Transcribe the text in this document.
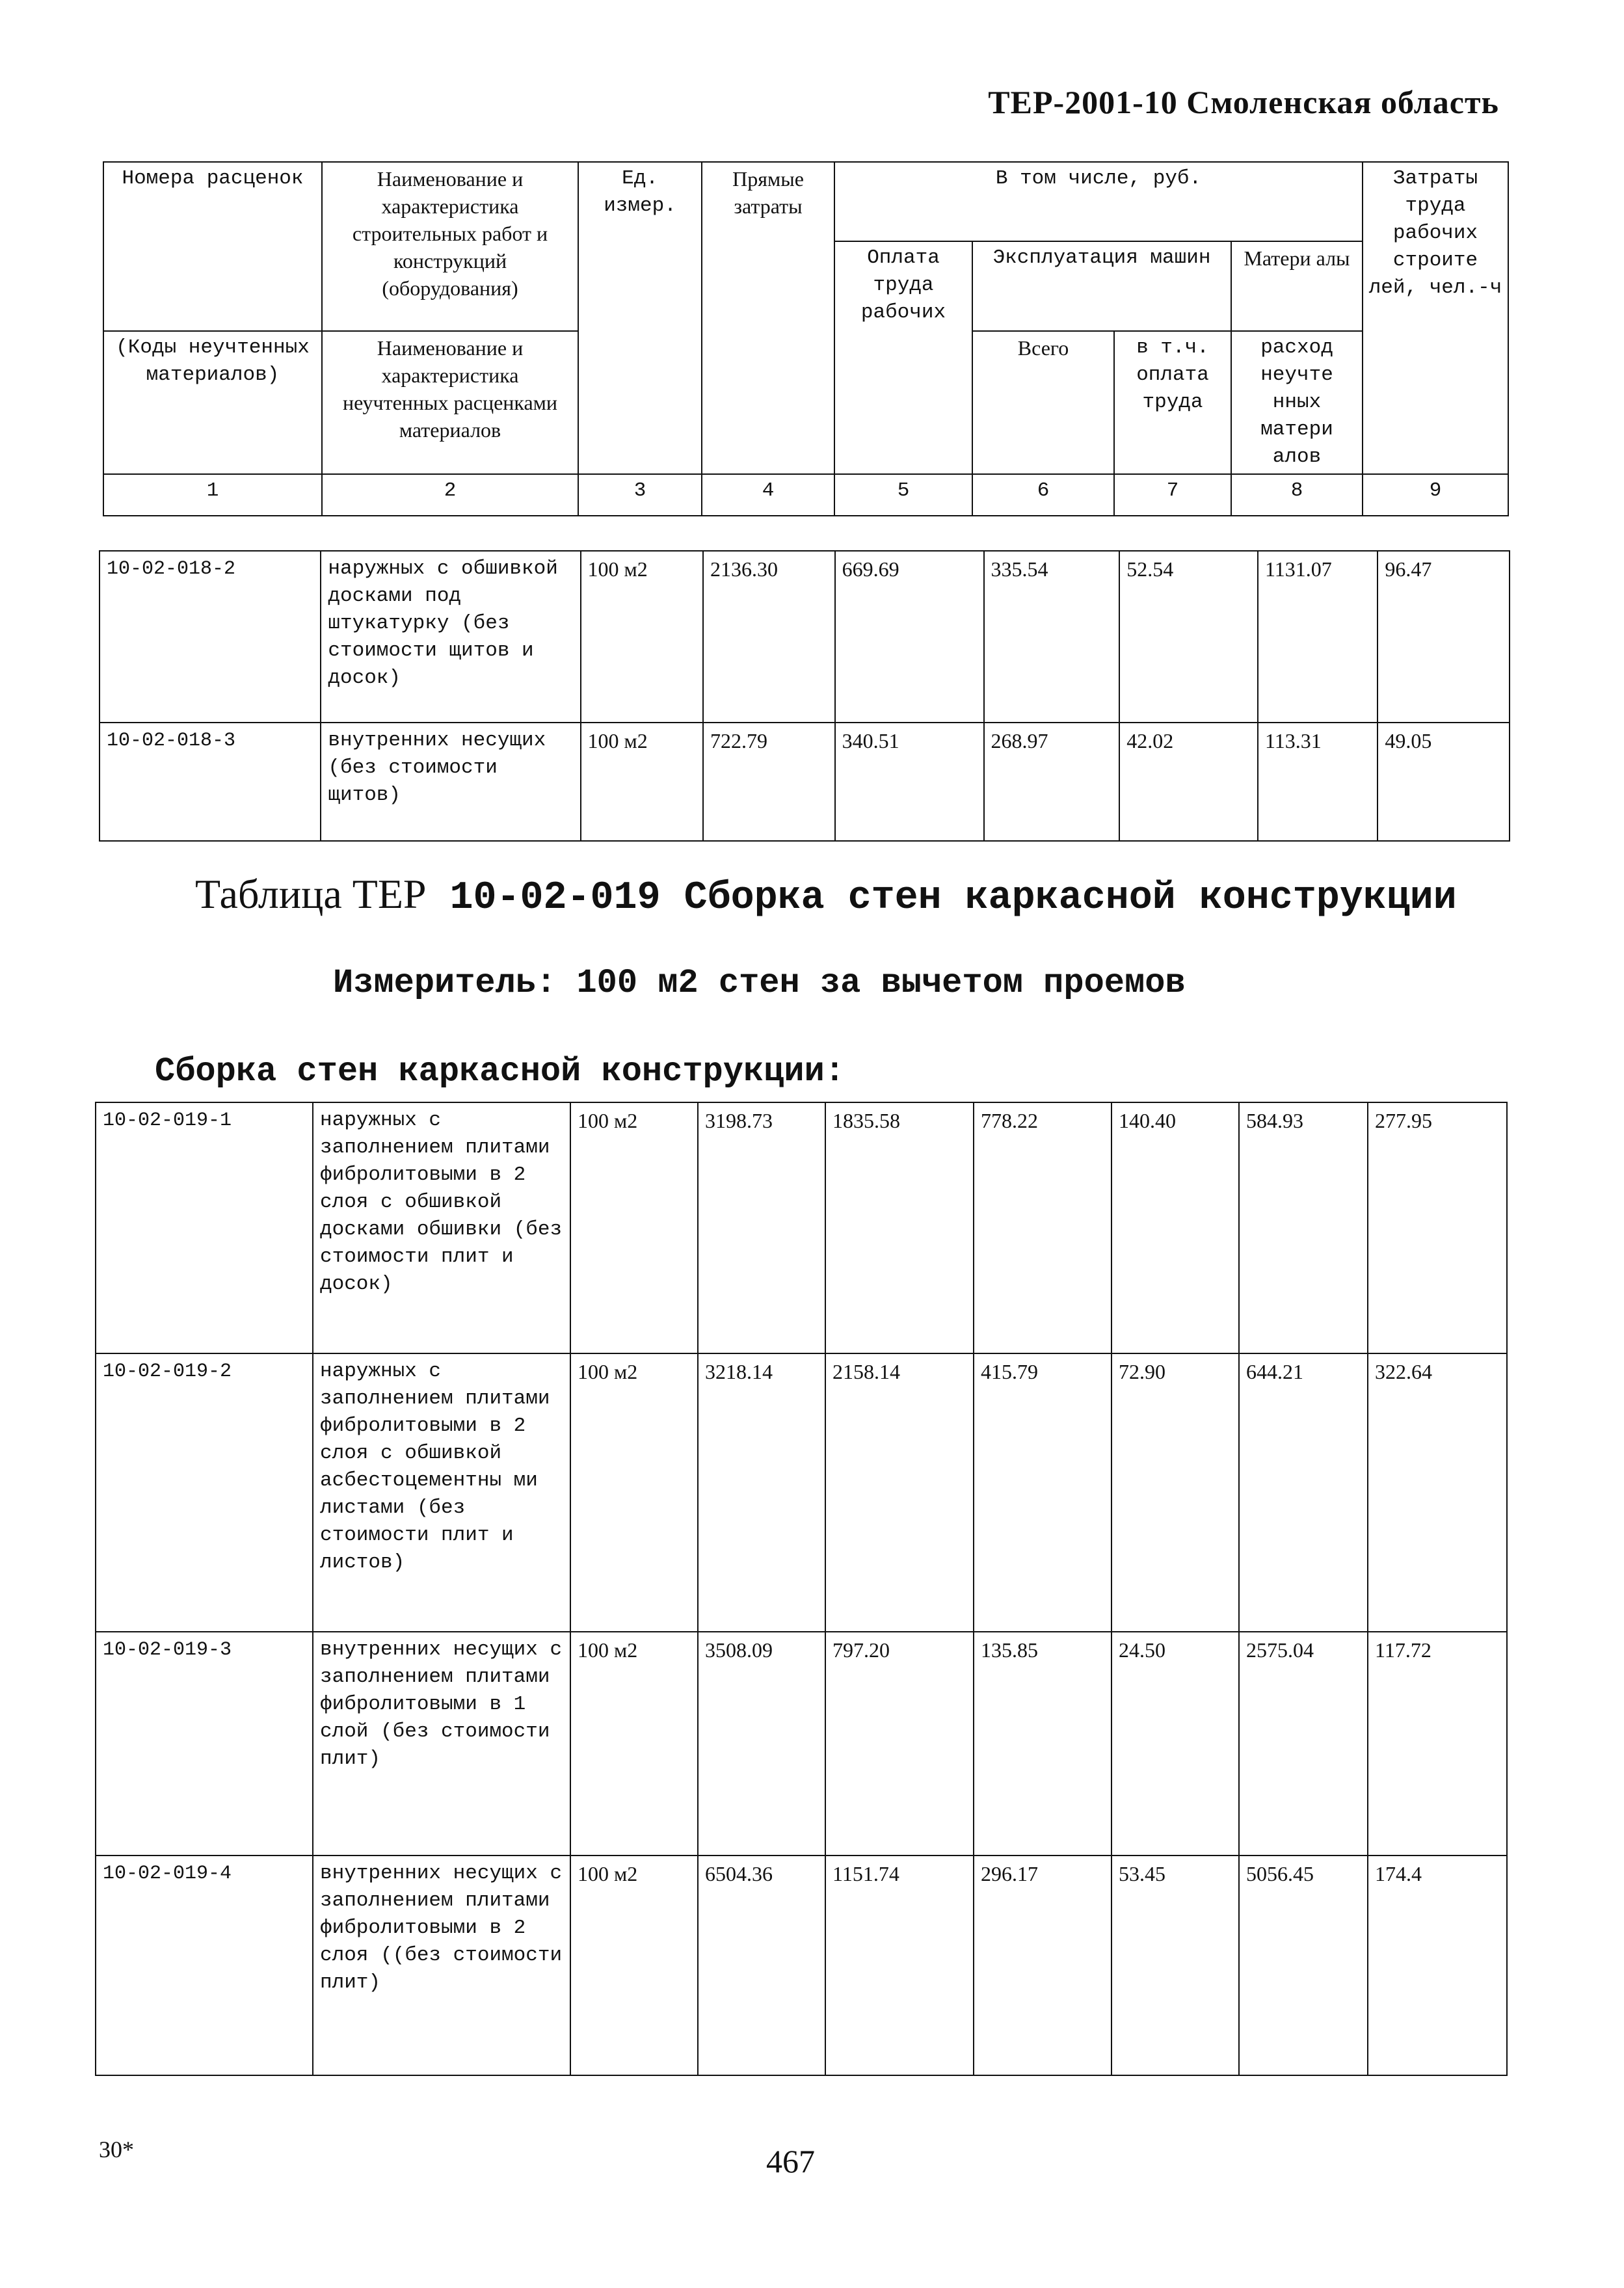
ТЕР-2001-10 Смоленская область
Номера расценок	Наименование и характеристика строительных работ и конструкций (оборудования)	Ед. измер.	Прямые затраты	В том числе, руб.				Затраты труда рабочих строите лей, чел.-ч
				Оплата труда рабочих	Эксплуатация машин		Матери алы	
(Коды неучтенных материалов)	Наименование и характеристика неучтенных расценками материалов				Всего	в т.ч. оплата труда	расход неучте нных матери алов	
1	2	3	4	5	6	7	8	9
10-02-018-2	наружных с обшивкой досками под штукатурку (без стоимости щитов и досок)	100 м2	2136.30	669.69	335.54	52.54	1131.07	96.47
10-02-018-3	внутренних несущих (без стоимости щитов)	100 м2	722.79	340.51	268.97	42.02	113.31	49.05
Таблица ТЕР 10-02-019 Сборка стен каркасной конструкции
Измеритель: 100 м2 стен за вычетом проемов
Сборка стен каркасной конструкции:
10-02-019-1	наружных с заполнением плитами фибролитовыми в 2 слоя с обшивкой досками обшивки (без стоимости плит и досок)	100 м2	3198.73	1835.58	778.22	140.40	584.93	277.95
10-02-019-2	наружных с заполнением плитами фибролитовыми в 2 слоя с обшивкой асбестоцементны ми листами (без стоимости плит и листов)	100 м2	3218.14	2158.14	415.79	72.90	644.21	322.64
10-02-019-3	внутренних несущих с заполнением плитами фибролитовыми в 1 слой (без стоимости плит)	100 м2	3508.09	797.20	135.85	24.50	2575.04	117.72
10-02-019-4	внутренних несущих с заполнением плитами фибролитовыми в 2 слоя ((без стоимости плит)	100 м2	6504.36	1151.74	296.17	53.45	5056.45	174.4
30*	467
